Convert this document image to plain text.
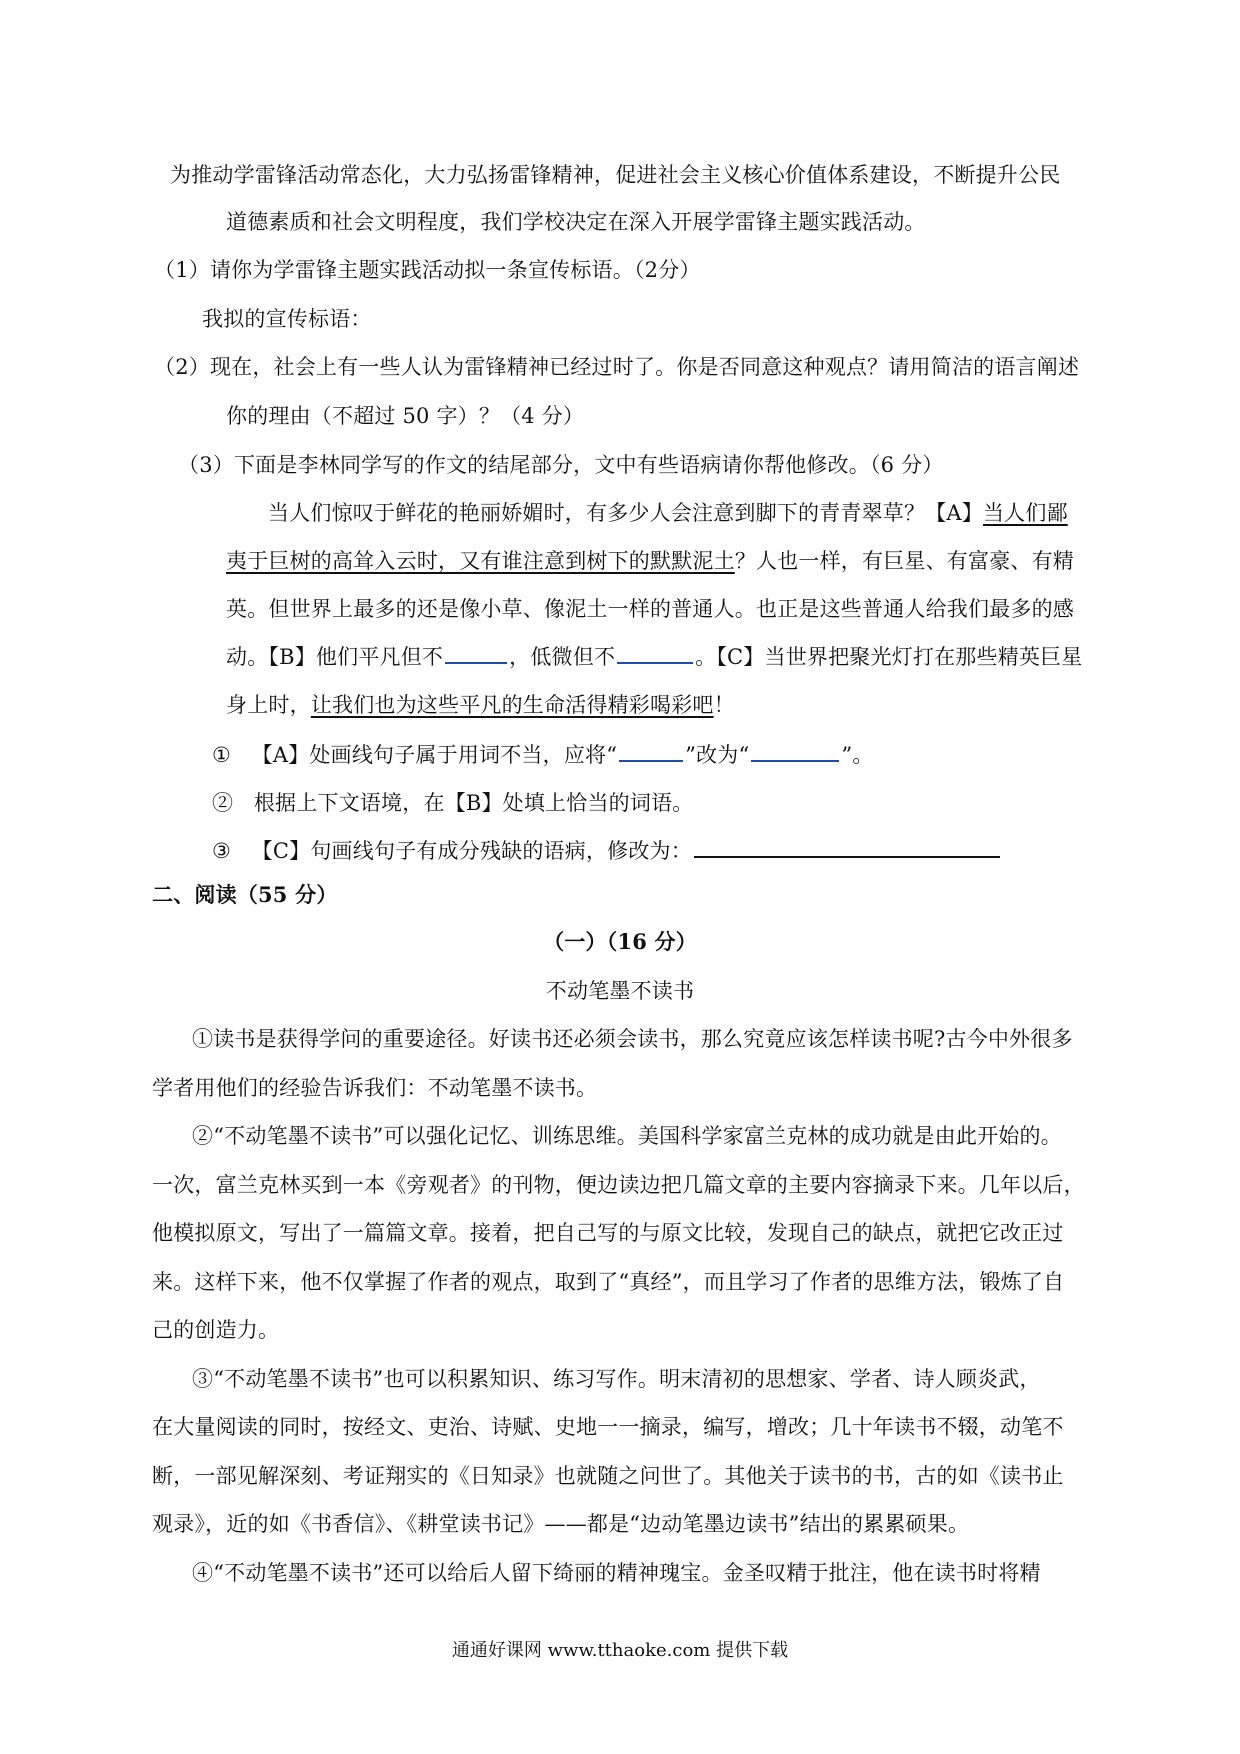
为推动学雷锋活动常态化，大力弘扬雷锋精神，促进社会主义核心价值体系建设，不断提升公民
道德素质和社会文明程度，我们学校决定在深入开展学雷锋主题实践活动。
（1）请你为学雷锋主题实践活动拟一条宣传标语。（2分）
我拟的宣传标语：
（2）现在，社会上有一些人认为雷锋精神已经过时了。你是否同意这种观点？请用简洁的语言阐述
你的理由（不超过 50 字）？（4 分）
（3）下面是李林同学写的作文的结尾部分，文中有些语病请你帮他修改。（6 分）
当人们惊叹于鲜花的艳丽娇媚时，有多少人会注意到脚下的青青翠草？【A】当人们鄙
夷于巨树的高耸入云时，又有谁注意到树下的默默泥土？人也一样，有巨星、有富豪、有精
英。但世界上最多的还是像小草、像泥土一样的普通人。也正是这些普通人给我们最多的感
动。【B】他们平凡但不	，低微但不	。【C】当世界把聚光灯打在那些精英巨星
身上时，让我们也为这些平凡的生命活得精彩喝彩吧！
① 【A】处画线句子属于用词不当，应将“	”改为“	”。
② 根据上下文语境，在【B】处填上恰当的词语。
③ 【C】句画线句子有成分残缺的语病，修改为：
二、阅读（55 分）
（一）（16 分）
不动笔墨不读书
①读书是获得学问的重要途径。好读书还必须会读书，那么究竟应该怎样读书呢?古今中外很多
学者用他们的经验告诉我们：不动笔墨不读书。
②“不动笔墨不读书”可以强化记忆、训练思维。美国科学家富兰克林的成功就是由此开始的。
一次，富兰克林买到一本《旁观者》的刊物，便边读边把几篇文章的主要内容摘录下来。几年以后，
他模拟原文，写出了一篇篇文章。接着，把自己写的与原文比较，发现自己的缺点，就把它改正过
来。这样下来，他不仅掌握了作者的观点，取到了“真经”，而且学习了作者的思维方法，锻炼了自
己的创造力。
③“不动笔墨不读书”也可以积累知识、练习写作。明末清初的思想家、学者、诗人顾炎武，
在大量阅读的同时，按经文、吏治、诗赋、史地一一摘录，编写，增改；几十年读书不辍，动笔不
断，一部见解深刻、考证翔实的《日知录》也就随之问世了。其他关于读书的书，古的如《读书止
观录》，近的如《书香信》、《耕堂读书记》——都是“边动笔墨边读书”结出的累累硕果。
④“不动笔墨不读书”还可以给后人留下绮丽的精神瑰宝。金圣叹精于批注，他在读书时将精
通通好课网 www.tthaoke.com 提供下载
